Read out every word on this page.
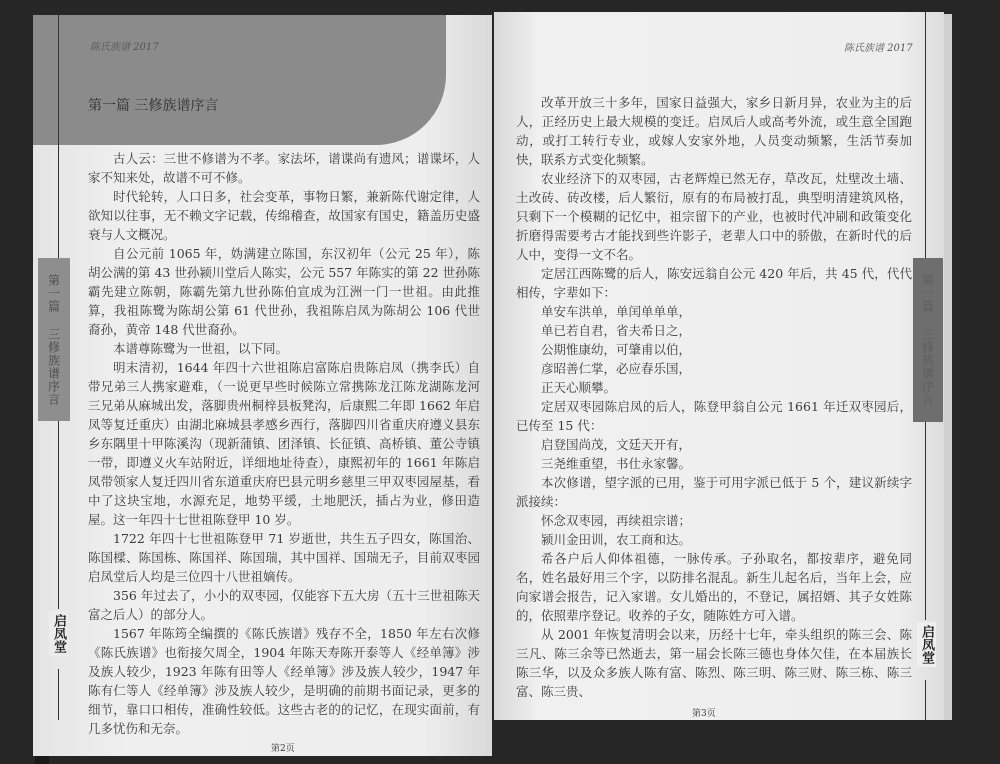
陈氏族谱 2017
第一篇 三修族谱序言
第一篇 三修族谱序言
启凤堂

古人云：三世不修谱为不孝。家法坏，谱谍尚有遗风；谱谍坏，人家不知来处，故谱不可不修。

时代轮转，人口日多，社会变革，事物日繁，兼新陈代谢定律，人欲知以往事，无不赖文字记载，传绵稽查，故国家有国史，籍盖历史盛衰与人文概况。

自公元前 1065 年，妫满建立陈国，东汉初年（公元 25 年），陈胡公满的第 43 世孙颍川堂后人陈实，公元 557 年陈实的第 22 世孙陈霸先建立陈朝，陈霸先第九世孙陈伯宣成为江洲一门一世祖。由此推算，我祖陈鹭为陈胡公第 61 代世孙，我祖陈启凤为陈胡公 106 代世裔孙，黄帝 148 代世裔孙。

本谱尊陈鹭为一世祖，以下同。

明末清初，1644 年四十六世祖陈启富陈启贵陈启凤（携李氏）自带兄弟三人携家避难，（一说更早些时候陈立常携陈龙江陈龙湖陈龙河三兄弟从麻城出发，落脚贵州桐梓县板凳沟，后康熙二年即 1662 年启凤等复迁重庆）由湖北麻城县孝感乡西行，落脚四川省重庆府遵义县东乡东隅里十甲陈溪沟（现新蒲镇、团泽镇、长征镇、高桥镇、董公寺镇一带，即遵义火车站附近，详细地址待查），康熙初年的 1661 年陈启凤带领家人复迁四川省东道重庆府巴县元明乡慈里三甲双枣园屋基，看中了这块宝地，水源充足，地势平缓，土地肥沃，插占为业，修田造屋。这一年四十七世祖陈登甲 10 岁。

1722 年四十七世祖陈登甲 71 岁逝世，共生五子四女，陈国治、陈国樑、陈国栋、陈国祥、陈国瑞，其中国祥、国瑞无子，目前双枣园启凤堂后人均是三位四十八世祖嫡传。

356 年过去了，小小的双枣园，仅能容下五大房（五十三世祖陈天富之后人）的部分人。

1567 年陈筠全编撰的《陈氏族谱》残存不全，1850 年左右次修《陈氏族谱》也衔接欠周全，1904 年陈天寿陈开泰等人《经单簿》涉及族人较少，1923 年陈有田等人《经单簿》涉及族人较少，1947 年陈有仁等人《经单簿》涉及族人较少，是明确的前期书面记录，更多的细节，靠口口相传，准确性较低。这些古老的的记忆，在现实面前，有几多忧伤和无奈。

第2页
陈氏族谱 2017
第一篇 三修族谱序言
启凤堂

改革开放三十多年，国家日益强大，家乡日新月异，农业为主的后人，正经历史上最大规模的变迁。启凤后人或高考外流，或生意全国跑动，或打工转行专业，或嫁人安家外地，人员变动频繁，生活节奏加快，联系方式变化频繁。

农业经济下的双枣园，古老辉煌已然无存，草改瓦，灶壁改土墙、土改砖、砖改楼，后人繁衍，原有的布局被打乱，典型明清建筑风格，只剩下一个模糊的记忆中，祖宗留下的产业，也被时代冲刷和政策变化折磨得需要考古才能找到些许影子，老辈人口中的骄傲，在新时代的后人中，变得一文不名。

定居江西陈鹭的后人，陈安远翁自公元 420 年后，共 45 代，代代相传，字辈如下：

单安车洪单，单闰单单单，

单已若自君，省夫希日之，

公期惟康幼，可肇甫以伯，

彦昭善仁掌，必应春乐国，

正天心顺攀。

定居双枣园陈启凤的后人，陈登甲翁自公元 1661 年迁双枣园后，已传至 15 代：

启登国尚茂，文廷天开有，

三尧维重望，书仕永家馨。

本次修谱，望字派的已用，鉴于可用字派已低于 5 个，建议新续字派接续：

怀念双枣园，再续祖宗谱；

颍川金田训，农工商和达。

希各户后人仰体祖德，一脉传承。子孙取名，都按辈序，避免同名，姓名最好用三个字，以防排名混乱。新生儿起名后，当年上会，应向家谱会报告，记入家谱。女儿婚出的，不登记，属招婿、其子女姓陈的，依照辈序登记。收养的子女，随陈姓方可入谱。

从 2001 年恢复清明会以来，历经十七年，牵头组织的陈三会、陈三凡、陈三余等已然逝去，第一届会长陈三德也身体欠佳，在本届族长陈三华，以及众多族人陈有富、陈烈、陈三明、陈三财、陈三栋、陈三富、陈三贵、

第3页
